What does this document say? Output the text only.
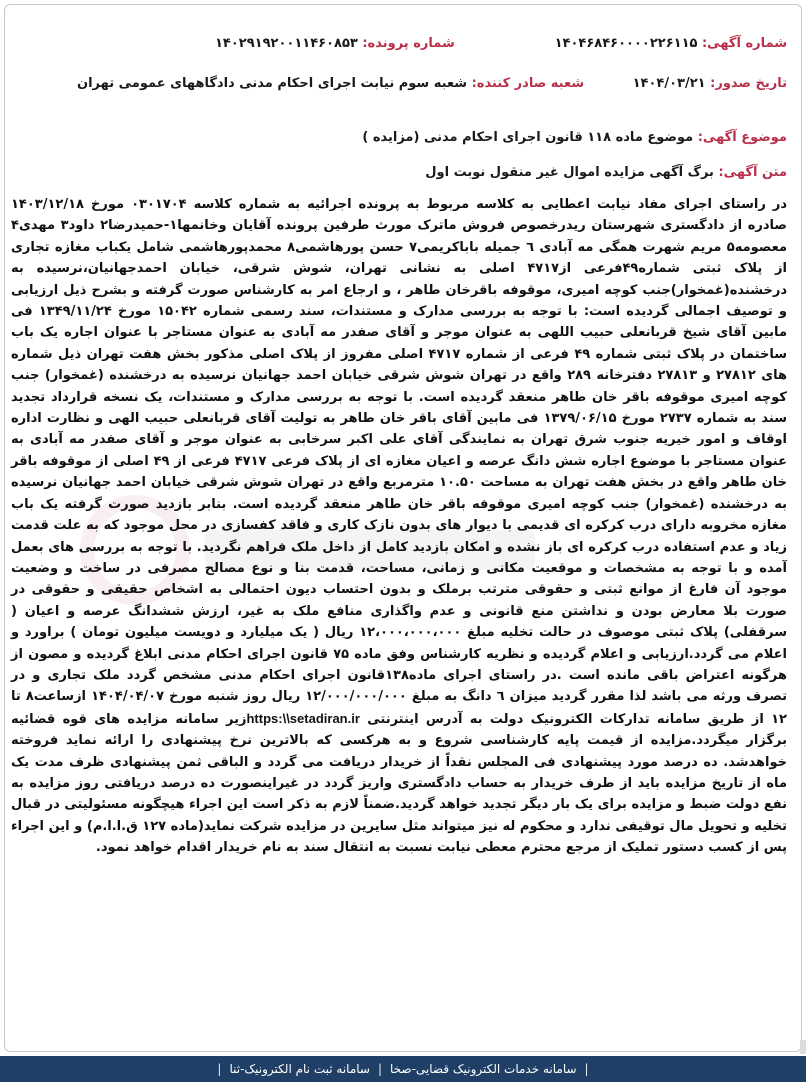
شماره آگهی: ۱۴۰۴۶۸۴۶۰۰۰۰۲۲۶۱۱۵
شماره پرونده: ۱۴۰۲۹۱۹۲۰۰۱۱۴۶۰۸۵۳
تاریخ صدور: ۱۴۰۴/۰۳/۲۱
شعبه صادر کننده: شعبه سوم نیابت اجرای احکام مدنی دادگاههای عمومی تهران
موضوع آگهی: موضوع ماده ۱۱۸ قانون اجرای احکام مدنی (مزایده )
متن آگهی: برگ آگهی مزایده اموال غیر منقول نوبت اول
در راستای اجرای مفاد نیابت اعطایی به کلاسه مربوط به پرونده اجرائیه به شماره کلاسه ۰۳۰۱۷۰۴ مورخ ۱۴۰۳/۱۲/۱۸ صادره از دادگستری شهرستان ریدرخصوص فروش ماترک مورث طرفین پرونده آقایان وخانمها۱-حمیدرضا۲ داود۳ مهدی۴ معصومه۵ مریم شهرت همگی مه آبادی ٦ جمیله باباکریمی۷ حسن پورهاشمی۸ محمدپورهاشمی شامل یکباب مغازه تجاری از پلاک ثبتی شماره۴۹فرعی از۴۷۱۷ اصلی به نشانی تهران، شوش شرقی، خیابان احمدجهانیان،نرسیده به درخشنده(غمخوار)جنب کوچه امیری، موقوفه باقرخان طاهر ، و ارجاع امر به کارشناس صورت گرفته و بشرح ذیل ارزیابی و توصیف اجمالی گردیده است: با توجه به بررسی مدارک و مستندات، سند رسمی شماره ۱۵۰۴۲ مورخ ۱۳۴۹/۱۱/۲۴ فی مابین آقای شیخ قربانعلی حبیب اللهی به عنوان موجر و آقای صفدر مه آبادی به عنوان مستاجر با عنوان اجاره یک باب ساختمان در پلاک ثبتی شماره ۴۹ فرعی از شماره ۴۷۱۷ اصلی مفروز از پلاک اصلی مذکور بخش هفت تهران ذیل شماره های ۲۷۸۱۲ و ۲۷۸۱۳ دفترخانه ۲۸۹ واقع در تهران شوش شرقی خیابان احمد جهانیان نرسیده به درخشنده (غمخوار) جنب کوچه امیری موقوفه باقر خان طاهر منعقد گردیده است. با توجه به بررسی مدارک و مستندات، یک نسخه قرارداد تجدید سند به شماره ۲۷۳۷ مورخ ۱۳۷۹/۰۶/۱۵ فی مابین آقای باقر خان طاهر به تولیت آقای قربانعلی حبیب الهی و نظارت اداره اوقاف و امور خیریه جنوب شرق تهران به نمایندگی آقای علی اکبر سرخابی به عنوان موجر و آقای صفدر مه آبادی به عنوان مستاجر با موضوع اجاره شش دانگ عرصه و اعیان مغازه ای از پلاک فرعی ۴۷۱۷ فرعی از ۴۹ اصلی از موقوفه باقر خان طاهر واقع در بخش هفت تهران به مساحت ۱۰.۵۰ مترمربع واقع در تهران شوش شرقی خیابان احمد جهانیان نرسیده به درخشنده (غمخوار) جنب کوچه امیری موقوفه باقر خان طاهر منعقد گردیده است. بنابر بازدید صورت گرفته یک باب مغازه مخروبه دارای درب کرکره ای قدیمی با دیوار های بدون نازک کاری و فاقد کفسازی در محل موجود که به علت قدمت زیاد و عدم استفاده درب کرکره ای باز نشده و امکان بازدید کامل از داخل ملک فراهم نگردید. با توجه به بررسی های بعمل آمده و با توجه به مشخصات و موقعیت مکانی و زمانی، مساحت، قدمت بنا و نوع مصالح مصرفی در ساخت و وضعیت موجود آن فارغ از موانع ثبتی و حقوقی مترتب برملک و بدون احتساب دیون احتمالی به اشخاص حقیقی و حقوقی در صورت بلا معارض بودن و نداشتن منع قانونی و عدم واگذاری منافع ملک به غیر، ارزش ششدانگ عرصه و اعیان ( سرقفلی) پلاک ثبتی موصوف در حالت تخلیه مبلغ ۱۲،۰۰۰،۰۰۰،۰۰۰ ریال ( یک میلیارد و دویست میلیون تومان ) براورد و اعلام می گردد.ارزیابی و اعلام گردیده و نظریه کارشناس وفق ماده ۷۵ قانون اجرای احکام مدنی ابلاغ گردیده و مصون از هرگونه اعتراض باقی مانده است .در راستای اجرای ماده۱۳۸قانون اجرای احکام مدنی مشخص گردد ملک تجاری و در تصرف ورثه می باشد لذا مقرر گردید میزان ٦ دانگ به مبلغ ۱۲/۰۰۰/۰۰۰/۰۰۰ ریال روز شنبه مورخ ۱۴۰۴/۰۴/۰۷ ازساعت۸ تا ۱۲ از طریق سامانه تدارکات الکترونیک دولت به آدرس اینترنتی https:\\setadiran.irزیر سامانه مزایده های قوه قضائیه برگزار میگردد.مزایده از قیمت پایه کارشناسی شروع و به هرکسی که بالاترین نرخ پیشنهادی را ارائه نماید فروخته خواهدشد. ده درصد مورد پیشنهادی فی المجلس نقداً از خریدار دریافت می گردد و الباقی ثمن پیشنهادی ظرف مدت یک ماه از تاریخ مزایده باید از طرف خریدار به حساب دادگستری واریز گردد در غیراینصورت ده درصد دریافتی روز مزایده به نفع دولت ضبط و مزایده برای یک بار دیگر تجدید خواهد گردید.ضمناً لازم به ذکر است این اجراء هیچگونه مسئولیتی در قبال تخلیه و تحویل مال توقیفی ندارد و محکوم له نیز میتواند مثل سایرین در مزایده شرکت نماید(ماده ۱۲۷ ق.ا.ا.م) و این اجراء پس از کسب دستور تملیک از مرجع محترم معطی نیابت نسبت به انتقال سند به نام خریدار اقدام خواهد نمود.
|
سامانه خدمات الکترونیک قضایی-صخا
|
سامانه ثبت نام الکترونیک-ثنا
|
